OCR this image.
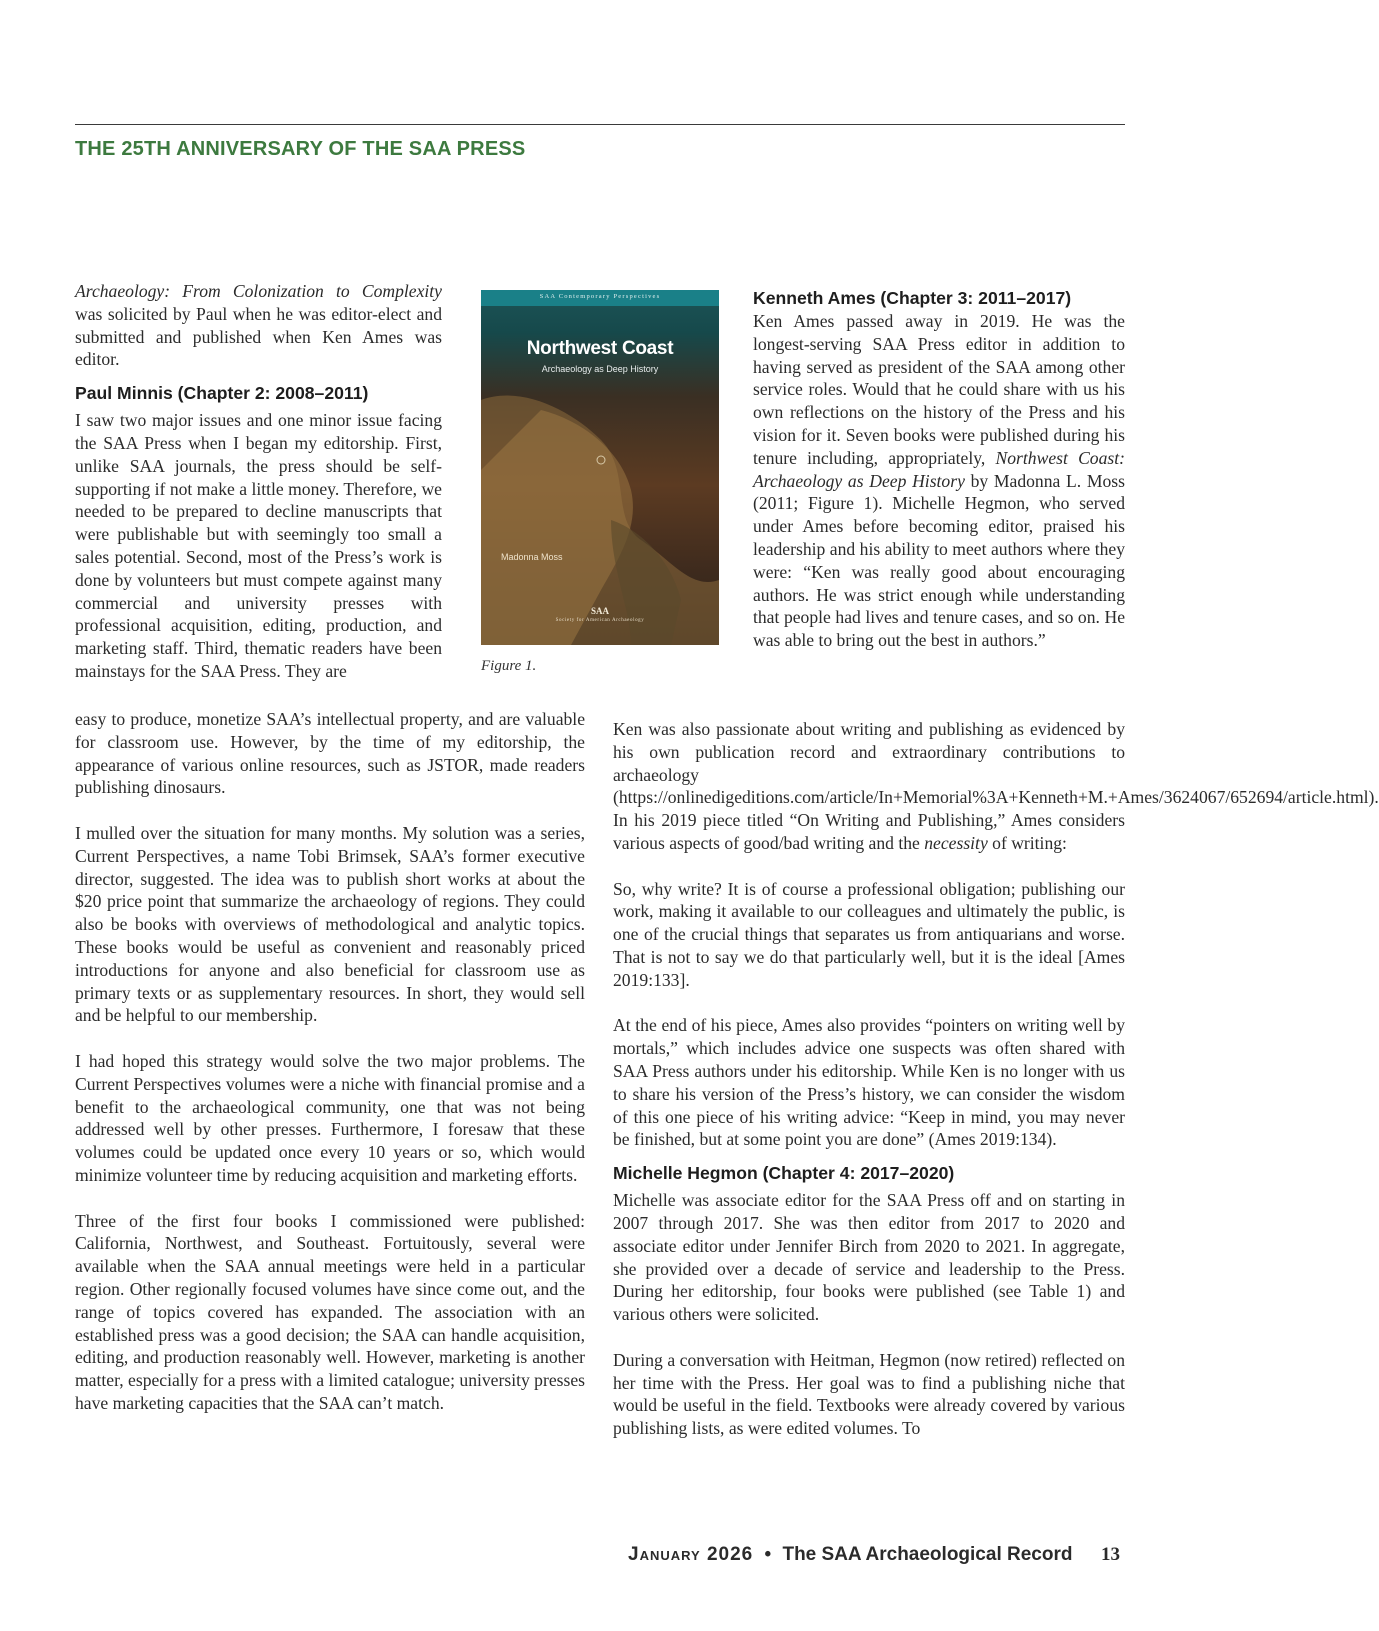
THE 25TH ANNIVERSARY OF THE SAA PRESS

Archaeology: From Colonization to Complexity was solicited by Paul when he was editor-elect and submitted and published when Ken Ames was editor.

Paul Minnis (Chapter 2: 2008–2011)

I saw two major issues and one minor issue facing the SAA Press when I began my editorship. First, unlike SAA journals, the press should be self-supporting if not make a little money. Therefore, we needed to be prepared to decline manuscripts that were publishable but with seemingly too small a sales potential. Second, most of the Press’s work is done by volunteers but must compete against many commercial and university presses with professional acquisition, editing, production, and marketing staff. Third, thematic readers have been mainstays for the SAA Press. They are

SAA Contemporary Perspectives
Northwest Coast
Archaeology as Deep History
Madonna Moss
SAA
Society for American Archaeology
Figure 1.

easy to produce, monetize SAA’s intellectual property, and are valuable for classroom use. However, by the time of my editorship, the appearance of various online resources, such as JSTOR, made readers publishing dinosaurs.

I mulled over the situation for many months. My solution was a series, Current Perspectives, a name Tobi Brimsek, SAA’s former executive director, suggested. The idea was to publish short works at about the $20 price point that summarize the archaeology of regions. They could also be books with overviews of methodological and analytic topics. These books would be useful as convenient and reasonably priced introductions for anyone and also beneficial for classroom use as primary texts or as supplementary resources. In short, they would sell and be helpful to our membership.

I had hoped this strategy would solve the two major problems. The Current Perspectives volumes were a niche with financial promise and a benefit to the archaeological community, one that was not being addressed well by other presses. Furthermore, I foresaw that these volumes could be updated once every 10 years or so, which would minimize volunteer time by reducing acquisition and marketing efforts.

Three of the first four books I commissioned were published: California, Northwest, and Southeast. Fortuitously, several were available when the SAA annual meetings were held in a particular region. Other regionally focused volumes have since come out, and the range of topics covered has expanded. The association with an established press was a good decision; the SAA can handle acquisition, editing, and production reasonably well. However, marketing is another matter, especially for a press with a limited catalogue; university presses have marketing capacities that the SAA can’t match.

Kenneth Ames (Chapter 3: 2011–2017)

Ken Ames passed away in 2019. He was the longest-serving SAA Press editor in addition to having served as president of the SAA among other service roles. Would that he could share with us his own reflections on the history of the Press and his vision for it. Seven books were published during his tenure including, appropriately, Northwest Coast: Archaeology as Deep History by Madonna L. Moss (2011; Figure 1). Michelle Hegmon, who served under Ames before becoming editor, praised his leadership and his ability to meet authors where they were: “Ken was really good about encouraging authors. He was strict enough while understanding that people had lives and tenure cases, and so on. He was able to bring out the best in authors.”

Ken was also passionate about writing and publishing as evidenced by his own publication record and extraordinary contributions to archaeology (https://onlinedigeditions.com/article/In+Memorial%3A+Kenneth+M.+Ames/3624067/652694/article.html). In his 2019 piece titled “On Writing and Publishing,” Ames considers various aspects of good/bad writing and the necessity of writing:

So, why write? It is of course a professional obligation; publishing our work, making it available to our colleagues and ultimately the public, is one of the crucial things that separates us from antiquarians and worse. That is not to say we do that particularly well, but it is the ideal [Ames 2019:133].

At the end of his piece, Ames also provides “pointers on writing well by mortals,” which includes advice one suspects was often shared with SAA Press authors under his editorship. While Ken is no longer with us to share his version of the Press’s history, we can consider the wisdom of this one piece of his writing advice: “Keep in mind, you may never be finished, but at some point you are done” (Ames 2019:134).

Michelle Hegmon (Chapter 4: 2017–2020)

Michelle was associate editor for the SAA Press off and on starting in 2007 through 2017. She was then editor from 2017 to 2020 and associate editor under Jennifer Birch from 2020 to 2021. In aggregate, she provided over a decade of service and leadership to the Press. During her editorship, four books were published (see Table 1) and various others were solicited.

During a conversation with Heitman, Hegmon (now retired) reflected on her time with the Press. Her goal was to find a publishing niche that would be useful in the field. Textbooks were already covered by various publishing lists, as were edited volumes. To

January 2026 • The SAA Archaeological Record 13
